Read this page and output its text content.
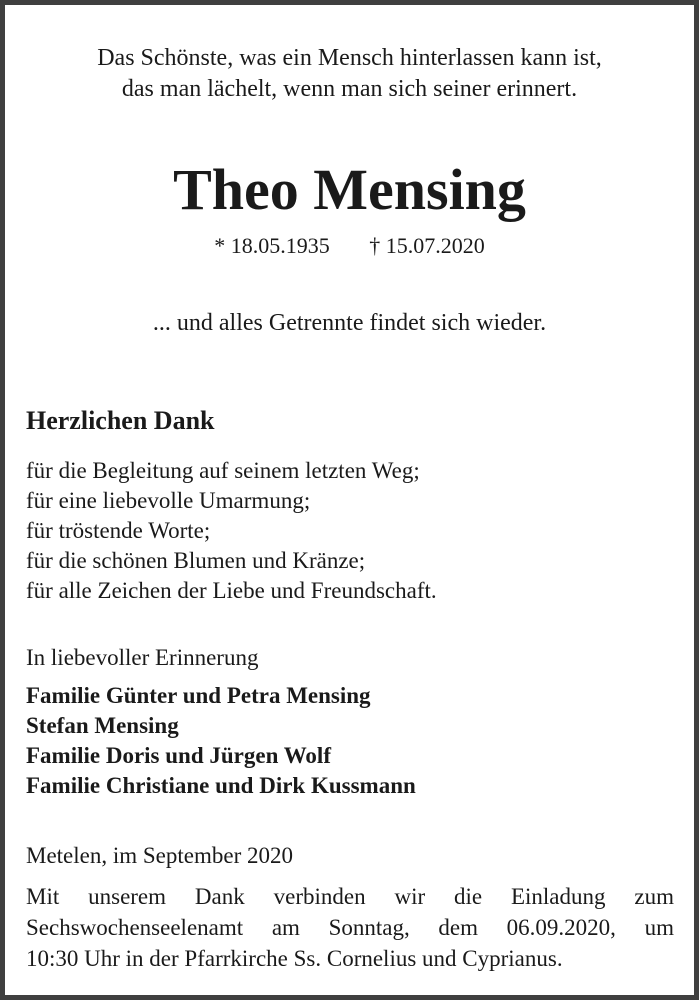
Das Schönste, was ein Mensch hinterlassen kann ist,
das man lächelt, wenn man sich seiner erinnert.
Theo Mensing
* 18.05.1935 † 15.07.2020
... und alles Getrennte findet sich wieder.
Herzlichen Dank
für die Begleitung auf seinem letzten Weg;
für eine liebevolle Umarmung;
für tröstende Worte;
für die schönen Blumen und Kränze;
für alle Zeichen der Liebe und Freundschaft.
In liebevoller Erinnerung
Familie Günter und Petra Mensing
Stefan Mensing
Familie Doris und Jürgen Wolf
Familie Christiane und Dirk Kussmann
Metelen, im September 2020
Mit unserem Dank verbinden wir die Einladung zum
Sechswochenseelenamt am Sonntag, dem 06.09.2020, um
10:30 Uhr in der Pfarrkirche Ss. Cornelius und Cyprianus.
